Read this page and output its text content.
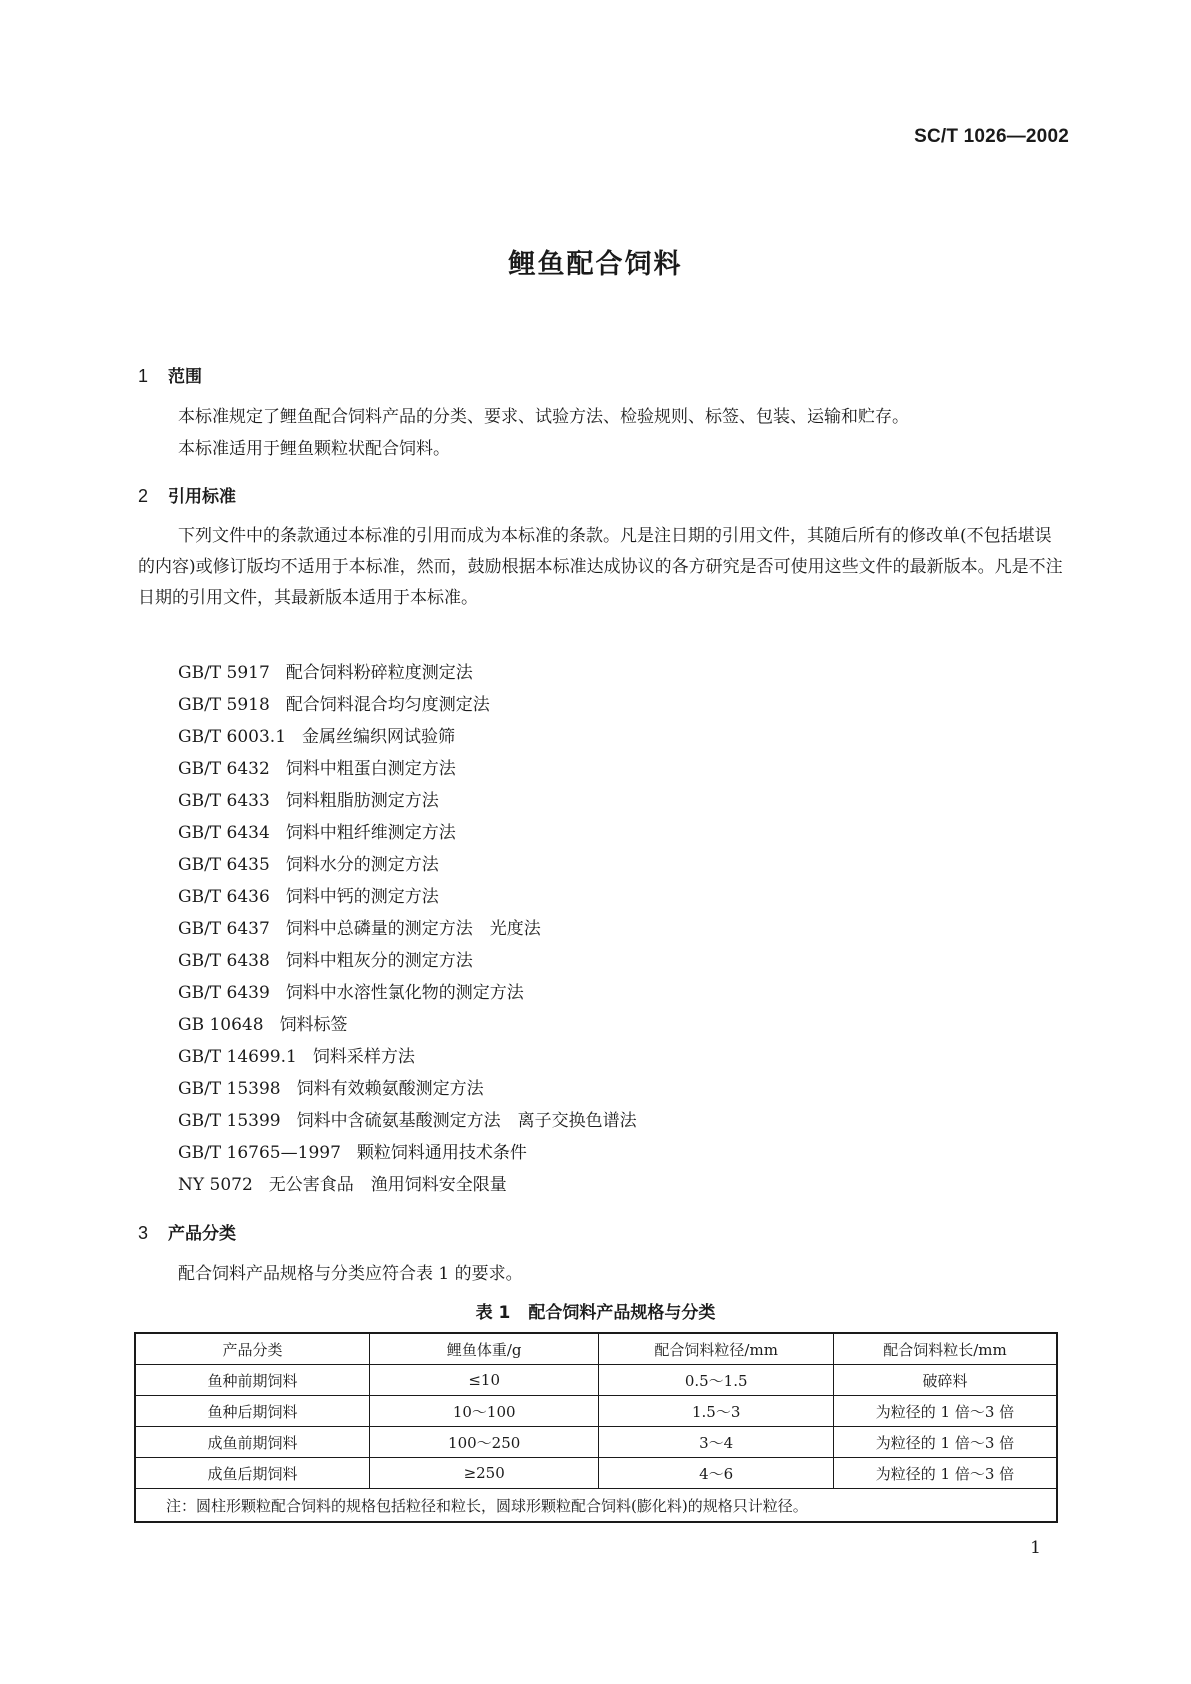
SC/T 1026—2002
鲤鱼配合饲料
1 范围
本标准规定了鲤鱼配合饲料产品的分类、要求、试验方法、检验规则、标签、包装、运输和贮存。
本标准适用于鲤鱼颗粒状配合饲料。
2 引用标准
下列文件中的条款通过本标准的引用而成为本标准的条款。凡是注日期的引用文件，其随后所有的修改单(不包括堪误的内容)或修订版均不适用于本标准，然而，鼓励根据本标准达成协议的各方研究是否可使用这些文件的最新版本。凡是不注日期的引用文件，其最新版本适用于本标准。
GB/T 5917 配合饲料粉碎粒度测定法
GB/T 5918 配合饲料混合均匀度测定法
GB/T 6003.1 金属丝编织网试验筛
GB/T 6432 饲料中粗蛋白测定方法
GB/T 6433 饲料粗脂肪测定方法
GB/T 6434 饲料中粗纤维测定方法
GB/T 6435 饲料水分的测定方法
GB/T 6436 饲料中钙的测定方法
GB/T 6437 饲料中总磷量的测定方法　光度法
GB/T 6438 饲料中粗灰分的测定方法
GB/T 6439 饲料中水溶性氯化物的测定方法
GB 10648 饲料标签
GB/T 14699.1 饲料采样方法
GB/T 15398 饲料有效赖氨酸测定方法
GB/T 15399 饲料中含硫氨基酸测定方法　离子交换色谱法
GB/T 16765—1997 颗粒饲料通用技术条件
NY 5072 无公害食品　渔用饲料安全限量
3 产品分类
配合饲料产品规格与分类应符合表 1 的要求。
表 1 配合饲料产品规格与分类
产品分类	鲤鱼体重/g	配合饲料粒径/mm	配合饲料粒长/mm
鱼种前期饲料	≤10	0.5～1.5	破碎料
鱼种后期饲料	10～100	1.5～3	为粒径的 1 倍～3 倍
成鱼前期饲料	100～250	3～4	为粒径的 1 倍～3 倍
成鱼后期饲料	≥250	4～6	为粒径的 1 倍～3 倍
注：圆柱形颗粒配合饲料的规格包括粒径和粒长，圆球形颗粒配合饲料(膨化料)的规格只计粒径。			
1
